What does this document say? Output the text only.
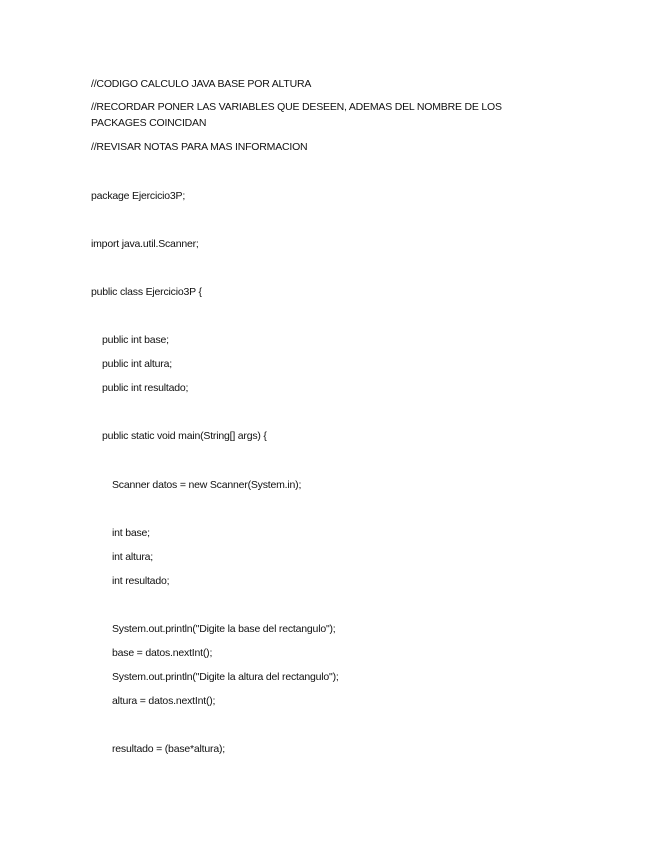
//CODIGO CALCULO JAVA BASE POR ALTURA
//RECORDAR PONER LAS VARIABLES QUE DESEEN, ADEMAS DEL NOMBRE DE LOS PACKAGES COINCIDAN
//REVISAR NOTAS PARA MAS INFORMACION
package Ejercicio3P;
import java.util.Scanner;
public class Ejercicio3P {
public int base;
public int altura;
public int resultado;
public static void main(String[] args) {
Scanner datos = new Scanner(System.in);
int base;
int altura;
int resultado;
System.out.println("Digite la base del rectangulo");
base = datos.nextInt();
System.out.println("Digite la altura del rectangulo");
altura = datos.nextInt();
resultado = (base*altura);
